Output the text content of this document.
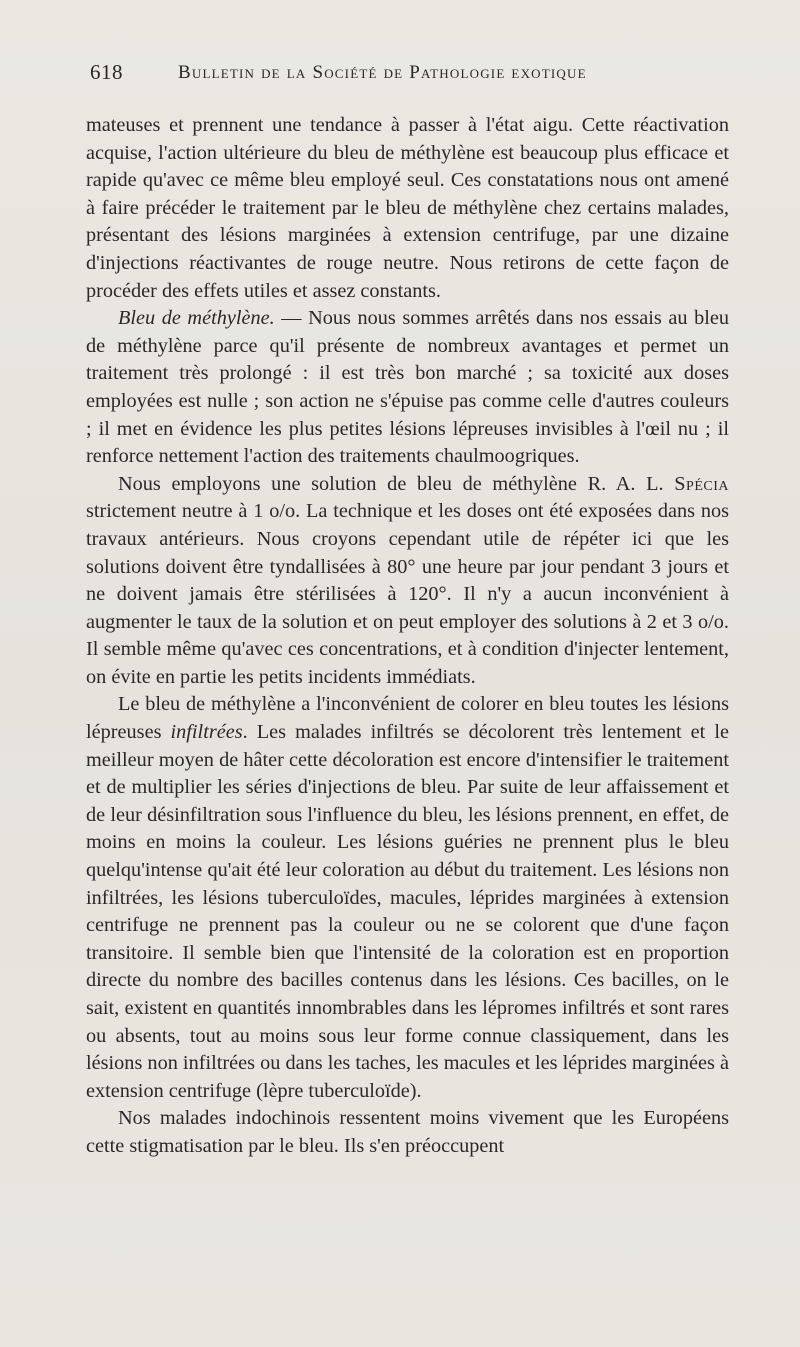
618	Bulletin de la Société de Pathologie exotique

mateuses et prennent une tendance à passer à l'état aigu. Cette réactivation acquise, l'action ultérieure du bleu de méthylène est beaucoup plus efficace et rapide qu'avec ce même bleu employé seul. Ces constatations nous ont amené à faire précéder le traitement par le bleu de méthylène chez certains malades, présentant des lésions marginées à extension centrifuge, par une dizaine d'injections réactivantes de rouge neutre. Nous retirons de cette façon de procéder des effets utiles et assez constants.

Bleu de méthylène. — Nous nous sommes arrêtés dans nos essais au bleu de méthylène parce qu'il présente de nombreux avantages et permet un traitement très prolongé : il est très bon marché ; sa toxicité aux doses employées est nulle ; son action ne s'épuise pas comme celle d'autres couleurs ; il met en évidence les plus petites lésions lépreuses invisibles à l'œil nu ; il renforce nettement l'action des traitements chaulmoogriques.

Nous employons une solution de bleu de méthylène R. A. L. Spécia strictement neutre à 1 o/o. La technique et les doses ont été exposées dans nos travaux antérieurs. Nous croyons cependant utile de répéter ici que les solutions doivent être tyndallisées à 80° une heure par jour pendant 3 jours et ne doivent jamais être stérilisées à 120°. Il n'y a aucun inconvénient à augmenter le taux de la solution et on peut employer des solutions à 2 et 3 o/o. Il semble même qu'avec ces concentrations, et à condition d'injecter lentement, on évite en partie les petits incidents immédiats.

Le bleu de méthylène a l'inconvénient de colorer en bleu toutes les lésions lépreuses infiltrées. Les malades infiltrés se décolorent très lentement et le meilleur moyen de hâter cette décoloration est encore d'intensifier le traitement et de multiplier les séries d'injections de bleu. Par suite de leur affaissement et de leur désinfiltration sous l'influence du bleu, les lésions prennent, en effet, de moins en moins la couleur. Les lésions guéries ne prennent plus le bleu quelqu'intense qu'ait été leur coloration au début du traitement. Les lésions non infiltrées, les lésions tuberculoïdes, macules, léprides marginées à extension centrifuge ne prennent pas la couleur ou ne se colorent que d'une façon transitoire. Il semble bien que l'intensité de la coloration est en proportion directe du nombre des bacilles contenus dans les lésions. Ces bacilles, on le sait, existent en quantités innombrables dans les lépromes infiltrés et sont rares ou absents, tout au moins sous leur forme connue classiquement, dans les lésions non infiltrées ou dans les taches, les macules et les léprides marginées à extension centrifuge (lèpre tuberculoïde).

Nos malades indochinois ressentent moins vivement que les Européens cette stigmatisation par le bleu. Ils s'en préoccupent
